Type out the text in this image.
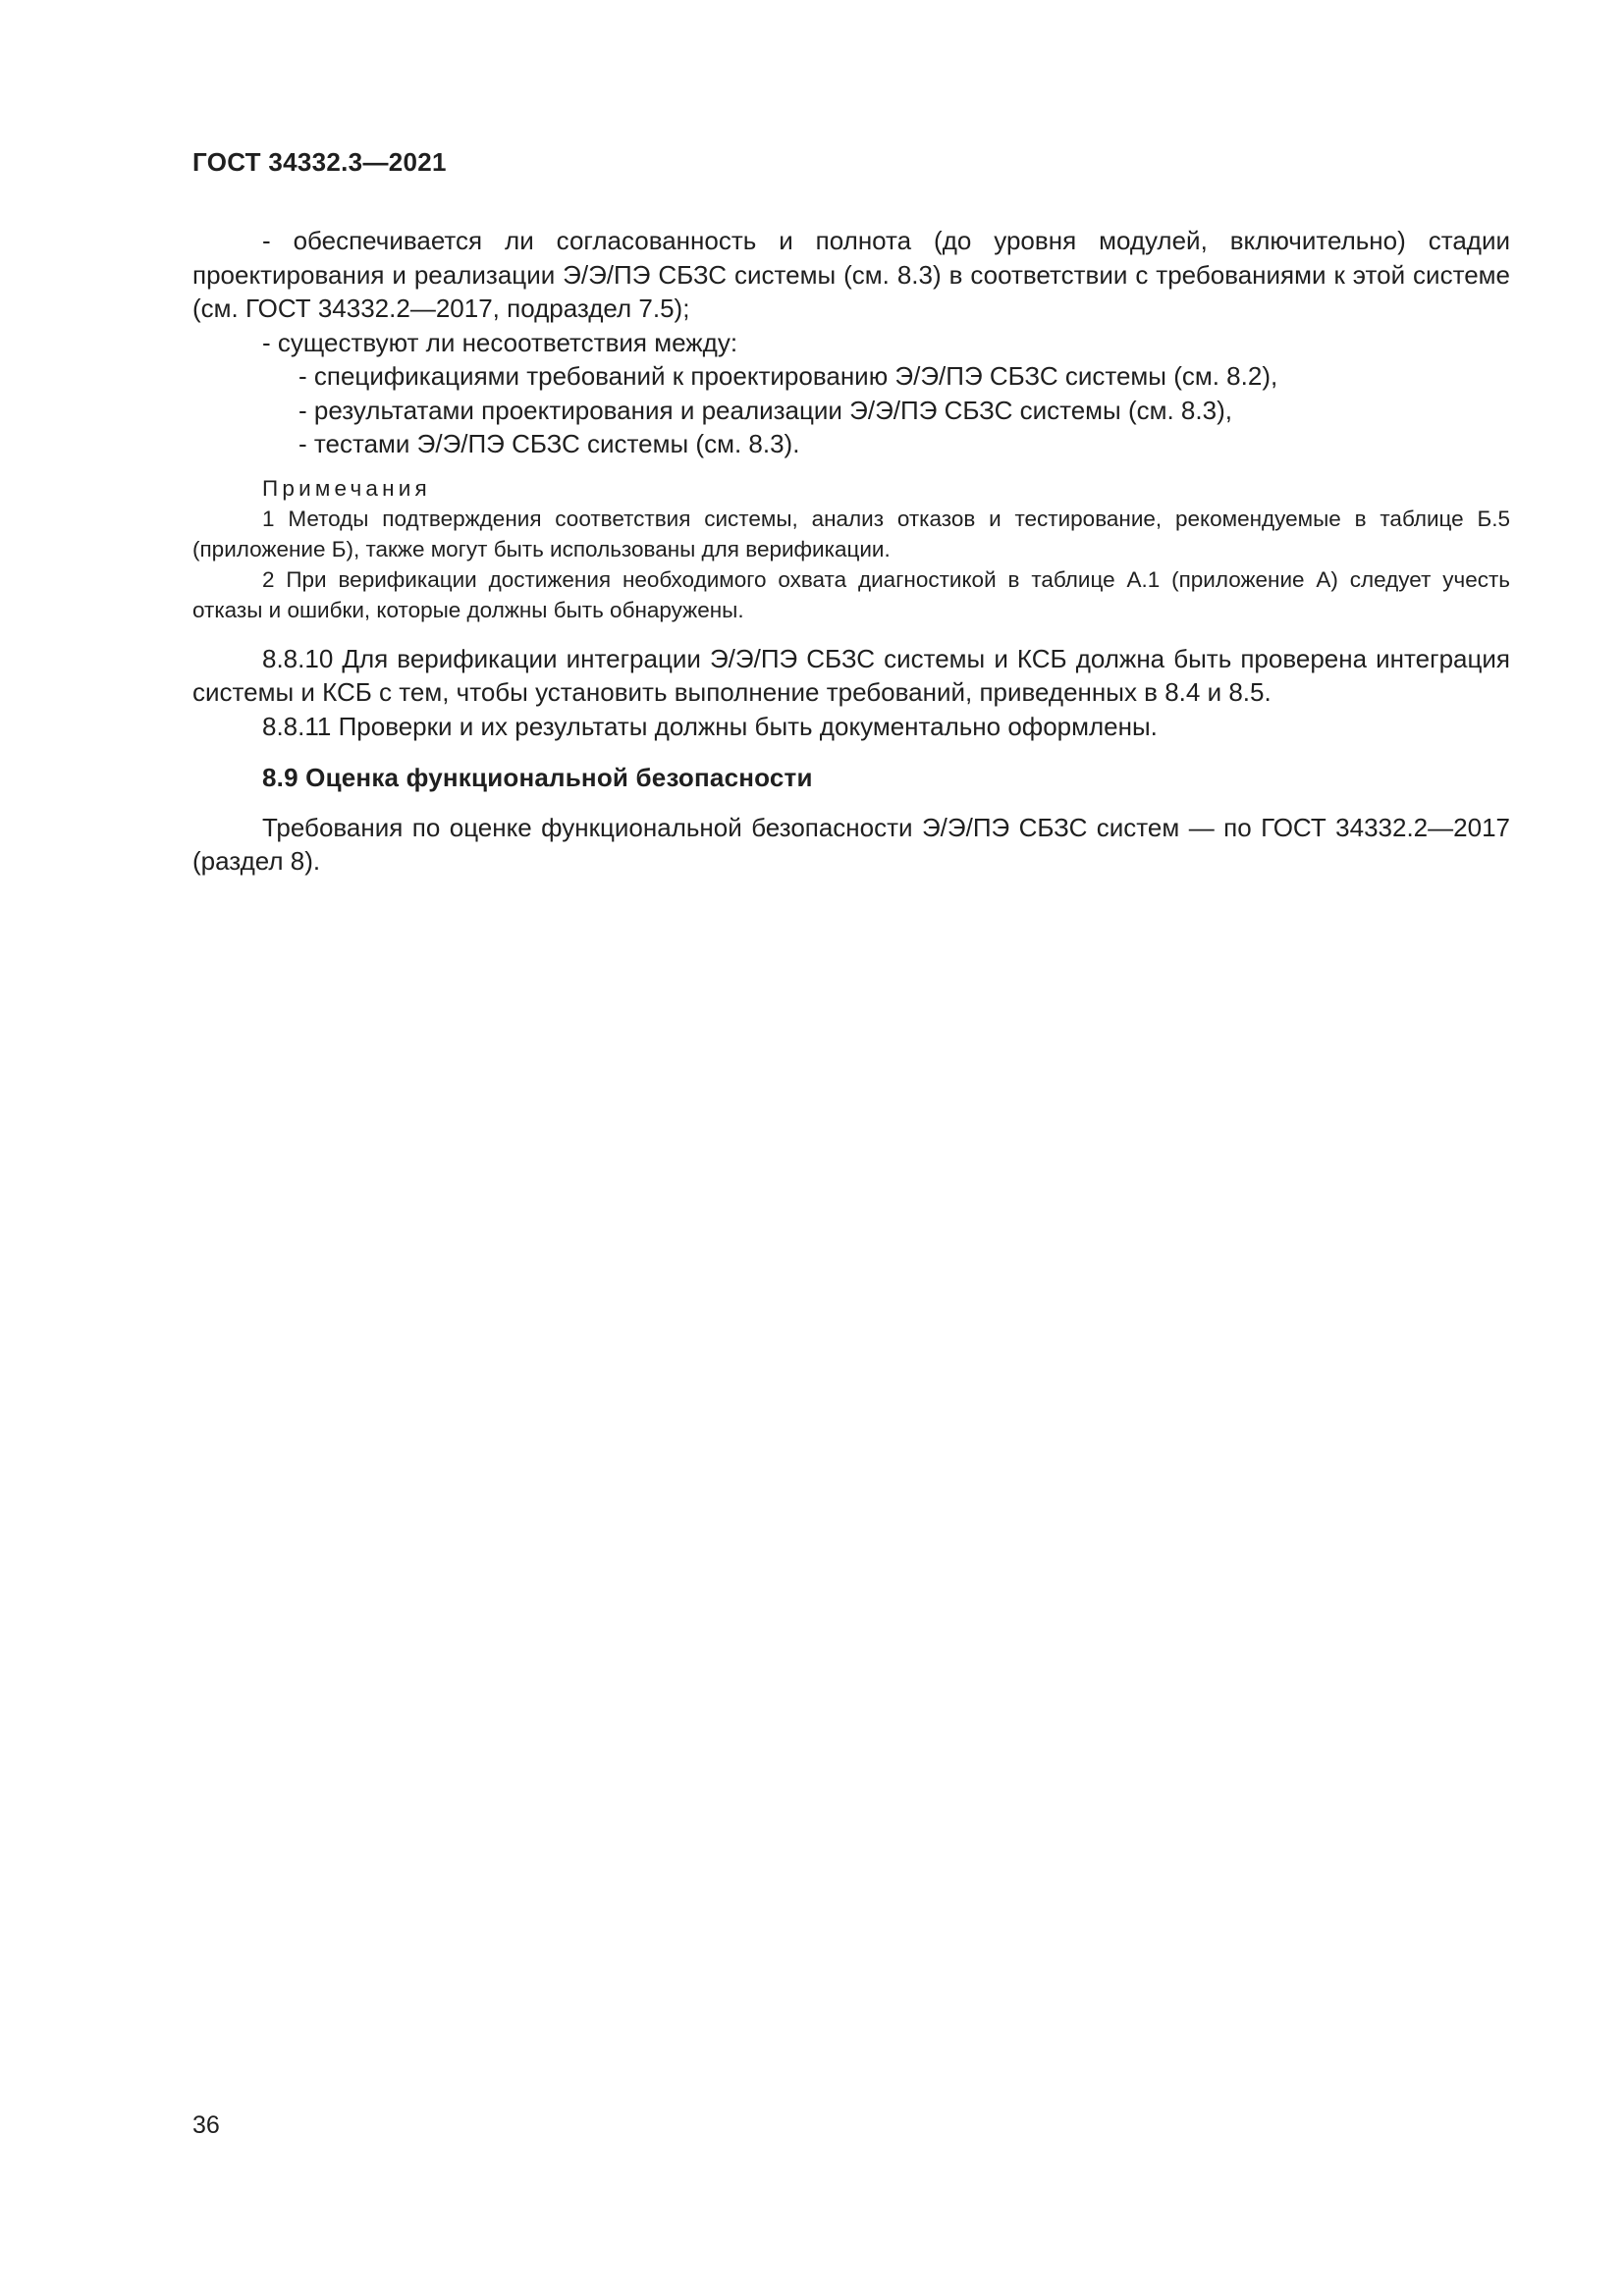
ГОСТ 34332.3—2021

- обеспечивается ли согласованность и полнота (до уровня модулей, включительно) стадии проектирования и реализации Э/Э/ПЭ СБЗС системы (см. 8.3) в соответствии с требованиями к этой системе (см. ГОСТ 34332.2—2017, подраздел 7.5);

- существуют ли несоответствия между:

- спецификациями требований к проектированию Э/Э/ПЭ СБЗС системы (см. 8.2),

- результатами проектирования и реализации Э/Э/ПЭ СБЗС системы (см. 8.3),

- тестами Э/Э/ПЭ СБЗС системы (см. 8.3).

Примечания

1 Методы подтверждения соответствия системы, анализ отказов и тестирование, рекомендуемые в таблице Б.5 (приложение Б), также могут быть использованы для верификации.

2 При верификации достижения необходимого охвата диагностикой в таблице А.1 (приложение А) следует учесть отказы и ошибки, которые должны быть обнаружены.

8.8.10 Для верификации интеграции Э/Э/ПЭ СБЗС системы и КСБ должна быть проверена интеграция системы и КСБ с тем, чтобы установить выполнение требований, приведенных в 8.4 и 8.5.

8.8.11 Проверки и их результаты должны быть документально оформлены.

8.9 Оценка функциональной безопасности

Требования по оценке функциональной безопасности Э/Э/ПЭ СБЗС систем — по ГОСТ 34332.2—2017 (раздел 8).

36
